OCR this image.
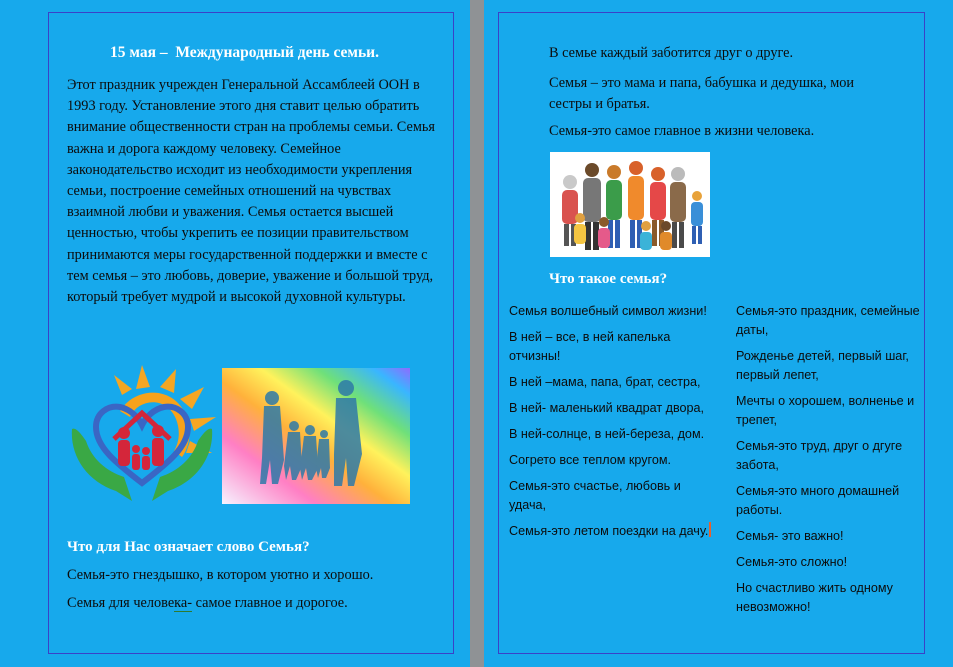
15 мая –  Международный день семьи.

Этот праздник учрежден Генеральной Ассамблеей ООН в 1993 году. Установление этого дня ставит целью обратить внимание общественности стран на проблемы семьи. Семья важна и дорога каждому человеку. Семейное законодательство исходит из необходимости укрепления семьи, построение семейных отношений на чувствах взаимной любви и уважения. Семья остается высшей ценностью, чтобы укрепить ее позиции правительством принимаются меры государственной поддержки и вместе с тем семья – это любовь, доверие, уважение и большой труд, который требует мудрой и высокой духовной культуры.

Что для Нас означает слово Семья?

Семья-это гнездышко, в котором уютно и хорошо.

Семья для человека- самое главное и дорогое.

В семье каждый заботится друг о друге.

Семья – это мама и папа, бабушка и дедушка, мои

сестры и братья.

Семья-это самое главное в жизни человека.

Что такое семья?
Семья волшебный символ жизни!
В ней – все, в ней капелька отчизны!
В ней –мама, папа, брат, сестра,
В ней- маленький квадрат двора,
В ней-солнце, в ней-береза, дом.
Согрето все теплом кругом.
Семья-это счастье, любовь и удача,
Семья-это летом поездки на дачу.
Семья-это праздник, семейные даты,
Рожденье детей, первый шаг, первый лепет,
Мечты о хорошем, волненье и трепет,
Семья-это труд, друг о дгуге забота,
Семья-это много домашней работы.
Семья- это важно!
Семья-это сложно!
Но счастливо жить одному невозможно!
